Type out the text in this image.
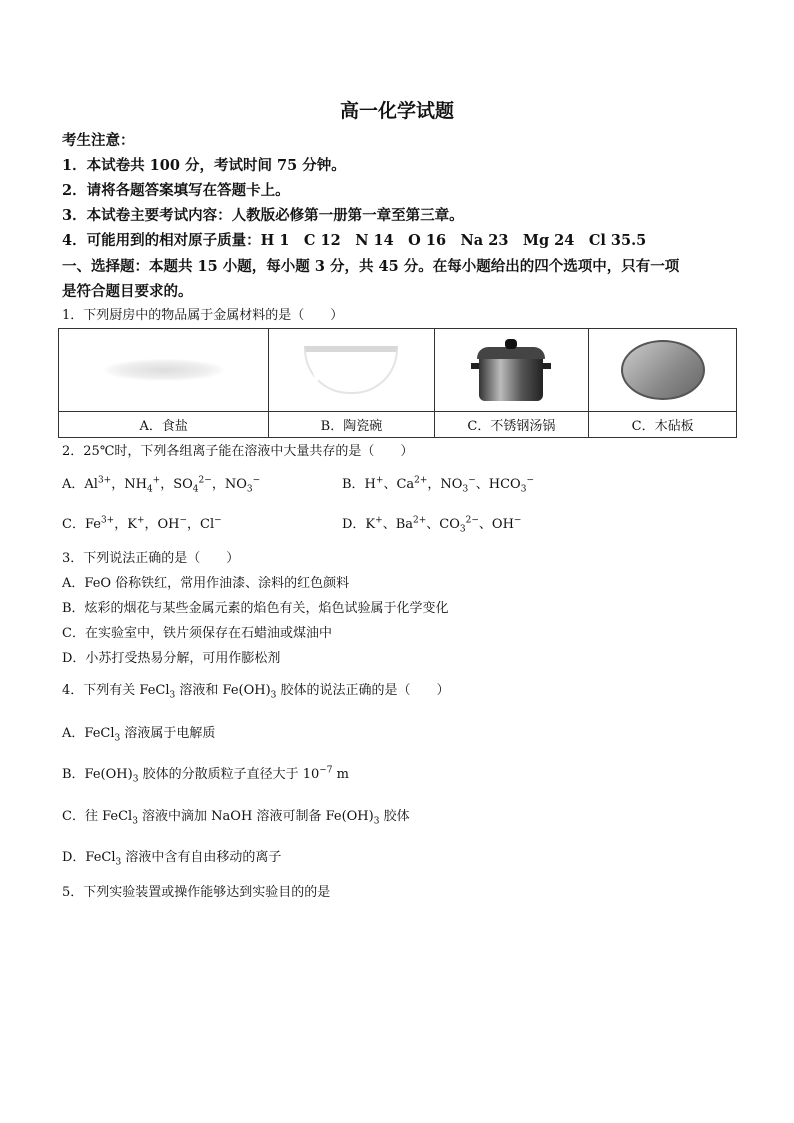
高一化学试题
考生注意：
1．本试卷共 100 分，考试时间 75 分钟。
2．请将各题答案填写在答题卡上。
3．本试卷主要考试内容：人教版必修第一册第一章至第三章。
4．可能用到的相对原子质量：H 1　C 12　N 14　O 16　Na 23　Mg 24　Cl 35.5
一、选择题：本题共 15 小题，每小题 3 分，共 45 分。在每小题给出的四个选项中，只有一项
是符合题目要求的。
1．下列厨房中的物品属于金属材料的是（　　）

A．食盐	B．陶瓷碗	C．不锈钢汤锅	C．木砧板
2．25℃时，下列各组离子能在溶液中大量共存的是（　　）
A．$Al^{3+}$，$NH_4^+$，$SO_4^{2-}$，$NO_3^-$	B．H+、$Ca^{2+}$，$NO_3^-$、$HCO_3^-$
C．$Fe^{3+}$，K+，OH−，Cl−	D．K+、$Ba^{2+}$、$CO_3^{2-}$、OH−
3．下列说法正确的是（　　）
A．FeO 俗称铁红，常用作油漆、涂料的红色颜料
B．炫彩的烟花与某些金属元素的焰色有关，焰色试验属于化学变化
C．在实验室中，铁片须保存在石蜡油或煤油中
D．小苏打受热易分解，可用作膨松剂
4．下列有关 FeCl$_3$ 溶液和 $Fe(OH)_3$ 胶体的说法正确的是（　　）
A．FeCl$_3$ 溶液属于电解质
B．$Fe(OH)_3$ 胶体的分散质粒子直径大于 $10^{-7}$ m
C．往 FeCl$_3$ 溶液中滴加 NaOH 溶液可制备 $Fe(OH)_3$ 胶体
D．FeCl$_3$ 溶液中含有自由移动的离子
5．下列实验装置或操作能够达到实验目的的是
